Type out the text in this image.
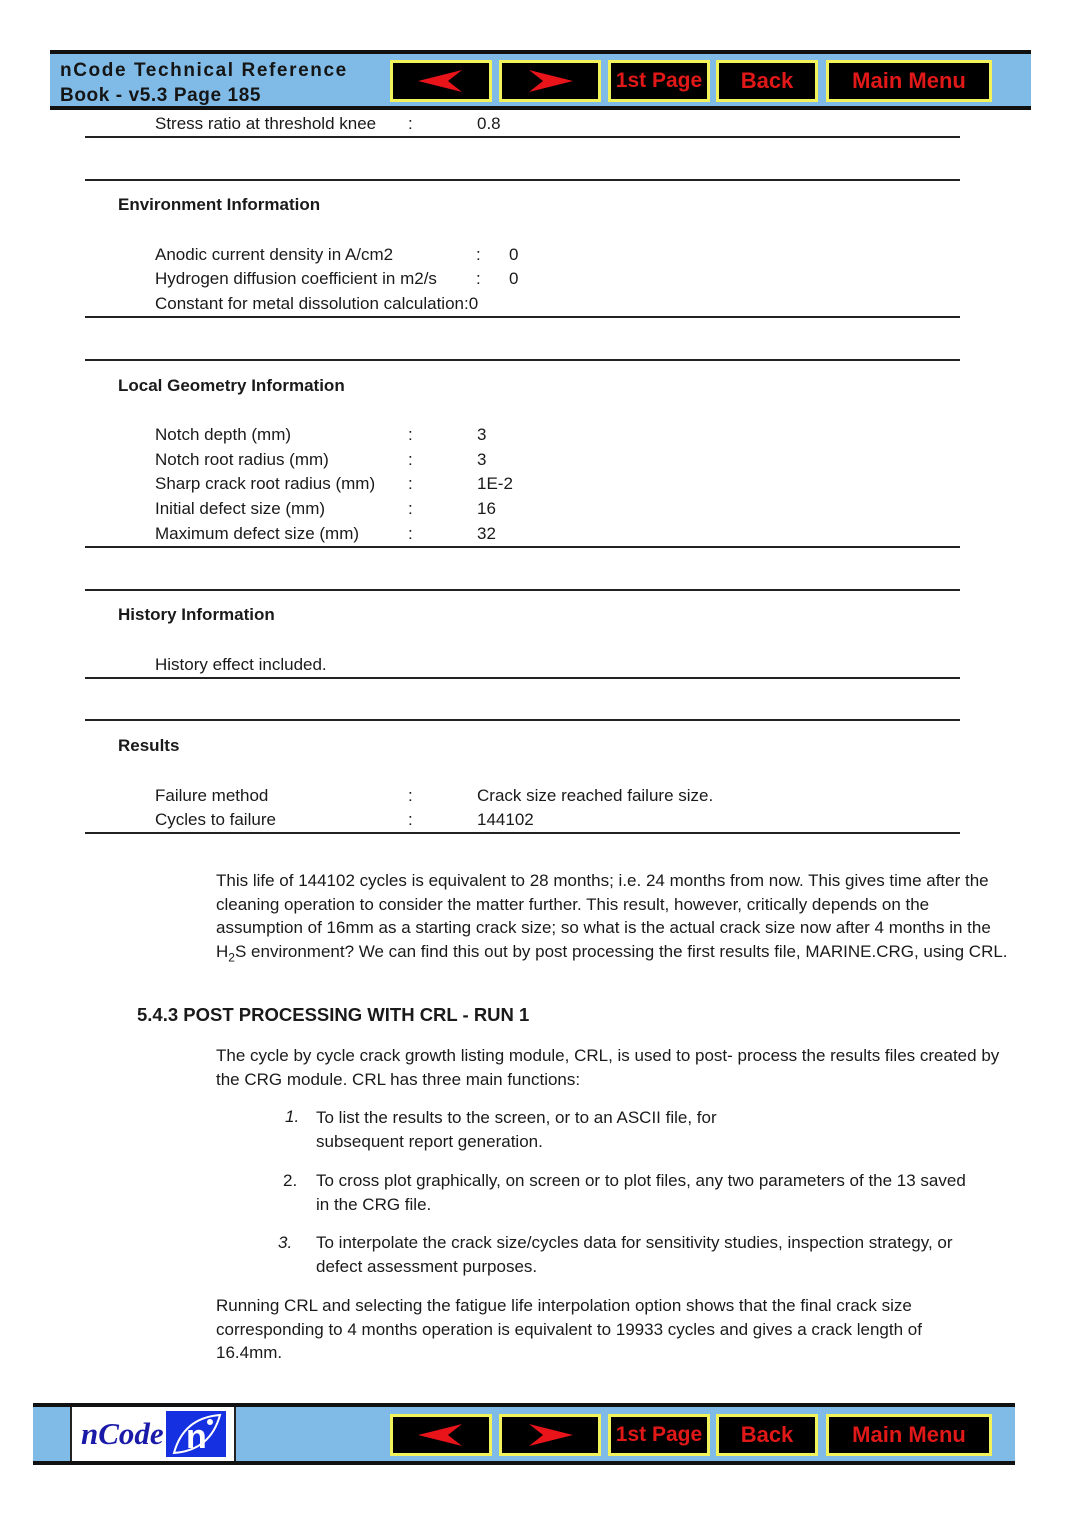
nCode Technical Reference
Book - v5.3 Page 185
1st Page	Back	Main Menu
Stress ratio at threshold knee :	0.8
Environment Information
Anodic current density in A/cm2	: 0
Hydrogen diffusion coefficient in m2/s : 0
Constant for metal dissolution calculation:0
Local Geometry Information
Notch depth (mm)	:	3
Notch root radius (mm)	:	3
Sharp crack root radius (mm) :	1E-2
Initial defect size (mm)	:	16
Maximum defect size (mm)	:	32
History Information
History effect included.
Results
Failure method	:	Crack size reached failure size.
Cycles to failure	:	144102
This life of 144102 cycles is equivalent to 28 months; i.e. 24 months from now. This gives time after the cleaning operation to consider the matter further. This result, however, critically depends on the assumption of 16mm as a starting crack size; so what is the actual crack size now after 4 months in the $H_2S$ environment? We can find this out by post processing the first results file, MARINE.CRG, using CRL.
5.4.3 POST PROCESSING WITH CRL - RUN 1
The cycle by cycle crack growth listing module, CRL, is used to post- process the results files created by the CRG module. CRL has three main functions:
1. To list the results to the screen, or to an ASCII file, for subsequent report generation.
2. To cross plot graphically, on screen or to plot files, any two parameters of the 13 saved in the CRG file.
3. To interpolate the crack size/cycles data for sensitivity studies, inspection strategy, or defect assessment purposes.
Running CRL and selecting the fatigue life interpolation option shows that the final crack size corresponding to 4 months operation is equivalent to 19933 cycles and gives a crack length of 16.4mm.
nCode n	1st Page	Back	Main Menu
